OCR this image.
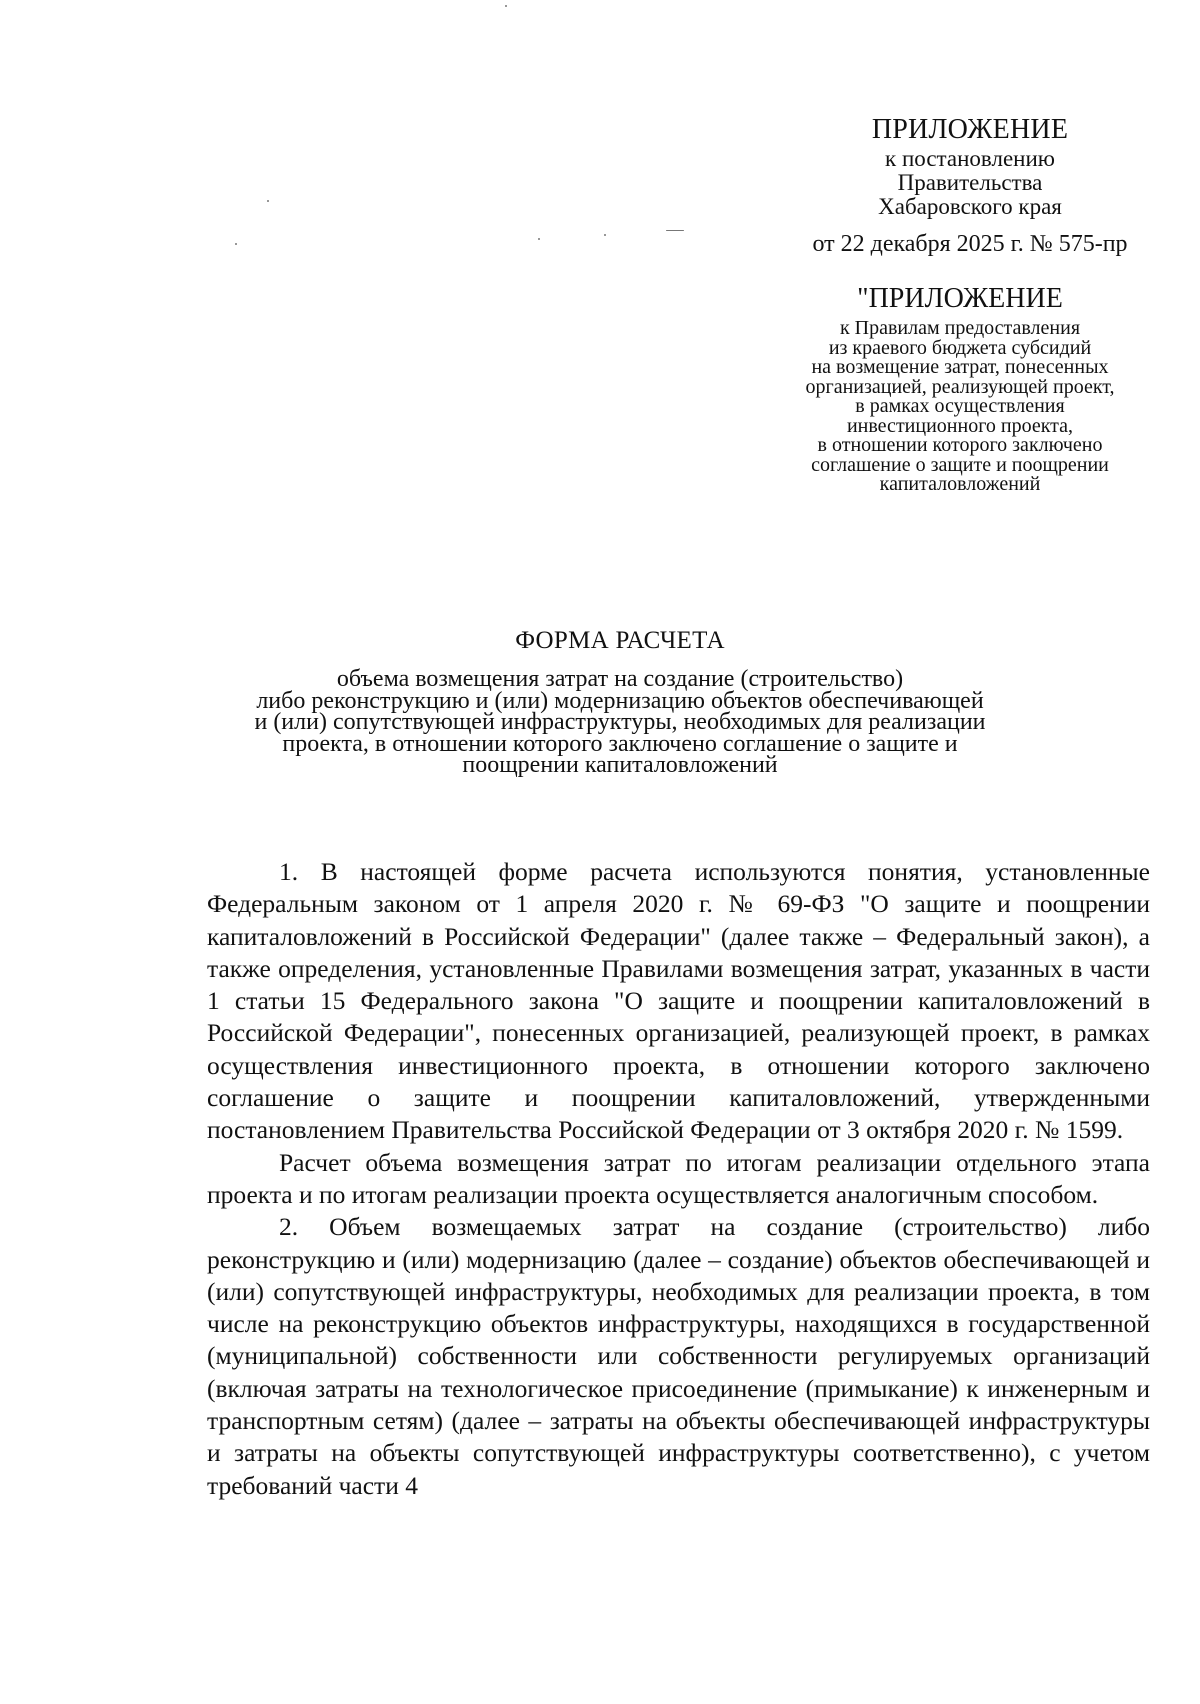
ПРИЛОЖЕНИЕ
к постановлению
Правительства
Хабаровского края
от 22 декабря 2025 г. № 575-пр
"ПРИЛОЖЕНИЕ
к Правилам предоставления
из краевого бюджета субсидий
на возмещение затрат, понесенных
организацией, реализующей проект,
в рамках осуществления
инвестиционного проекта,
в отношении которого заключено
соглашение о защите и поощрении
капиталовложений
ФОРМА РАСЧЕТА
объема возмещения затрат на создание (строительство)
либо реконструкцию и (или) модернизацию объектов обеспечивающей
и (или) сопутствующей инфраструктуры, необходимых для реализации
проекта, в отношении которого заключено соглашение о защите и
поощрении капиталовложений

1. В настоящей форме расчета используются понятия, установленные Федеральным законом от 1 апреля 2020 г. № 69-ФЗ "О защите и поощрении капиталовложений в Российской Федерации" (далее также – Федеральный закон), а также определения, установленные Правилами возмещения затрат, указанных в части 1 статьи 15 Федерального закона "О защите и поощрении капиталовложений в Российской Федерации", понесенных организацией, реализующей проект, в рамках осуществления инвестиционного проекта, в отношении которого заключено соглашение о защите и поощрении капиталовложений, утвержденными постановлением Правительства Российской Федерации от 3 октября 2020 г. № 1599.

Расчет объема возмещения затрат по итогам реализации отдельного этапа проекта и по итогам реализации проекта осуществляется аналогичным способом.

2. Объем возмещаемых затрат на создание (строительство) либо реконструкцию и (или) модернизацию (далее – создание) объектов обеспечивающей и (или) сопутствующей инфраструктуры, необходимых для реализации проекта, в том числе на реконструкцию объектов инфраструктуры, находящихся в государственной (муниципальной) собственности или собственности регулируемых организаций (включая затраты на технологическое присоединение (примыкание) к инженерным и транспортным сетям) (далее – затраты на объекты обеспечивающей инфраструктуры и затраты на объекты сопутствующей инфраструктуры соответственно), с учетом требований части 4
